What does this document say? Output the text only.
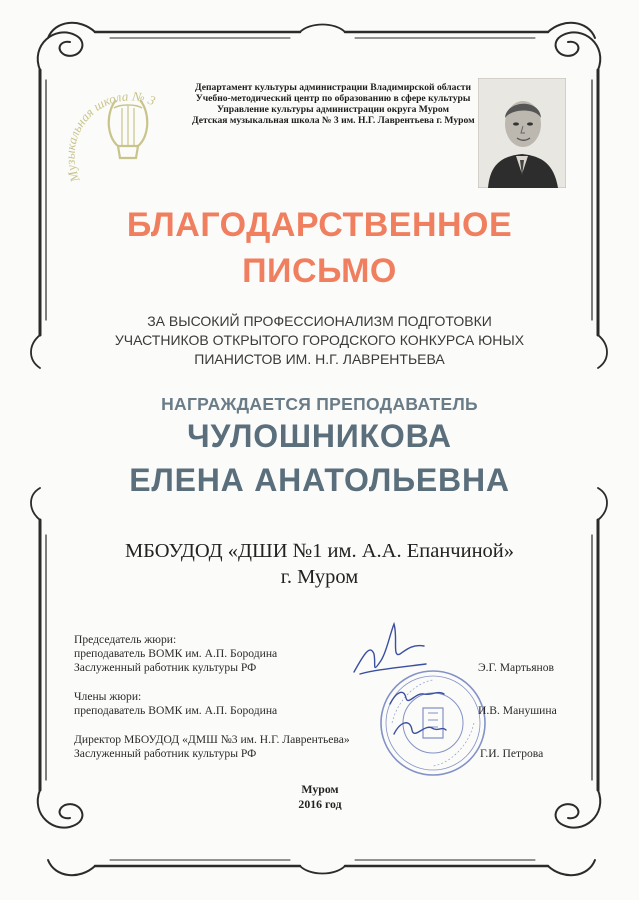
Музыкальная школа № 3
Департамент культуры администрации Владимирской области
Учебно-методический центр по образованию в сфере культуры
Управление культуры администрации округа Муром
Детская музыкальная школа № 3 им. Н.Г. Лаврентьева г. Муром
БЛАГОДАРСТВЕННОЕ
ПИСЬМО
ЗА ВЫСОКИЙ ПРОФЕССИОНАЛИЗМ ПОДГОТОВКИ
УЧАСТНИКОВ ОТКРЫТОГО ГОРОДСКОГО КОНКУРСА ЮНЫХ
ПИАНИСТОВ ИМ. Н.Г. ЛАВРЕНТЬЕВА
НАГРАЖДАЕТСЯ ПРЕПОДАВАТЕЛЬ
ЧУЛОШНИКОВА
ЕЛЕНА АНАТОЛЬЕВНА
МБОУДОД «ДШИ №1 им. А.А. Епанчиной»
г. Муром
Председатель жюри:
преподаватель ВОМК им. А.П. Бородина
Заслуженный работник культуры РФ	Э.Г. Мартьянов
Члены жюри:
преподаватель ВОМК им. А.П. Бородина	И.В. Манушина
Директор МБОУДОД «ДМШ №3 им. Н.Г. Лаврентьева»
Заслуженный работник культуры РФ	Г.И. Петрова
Муром
2016 год
